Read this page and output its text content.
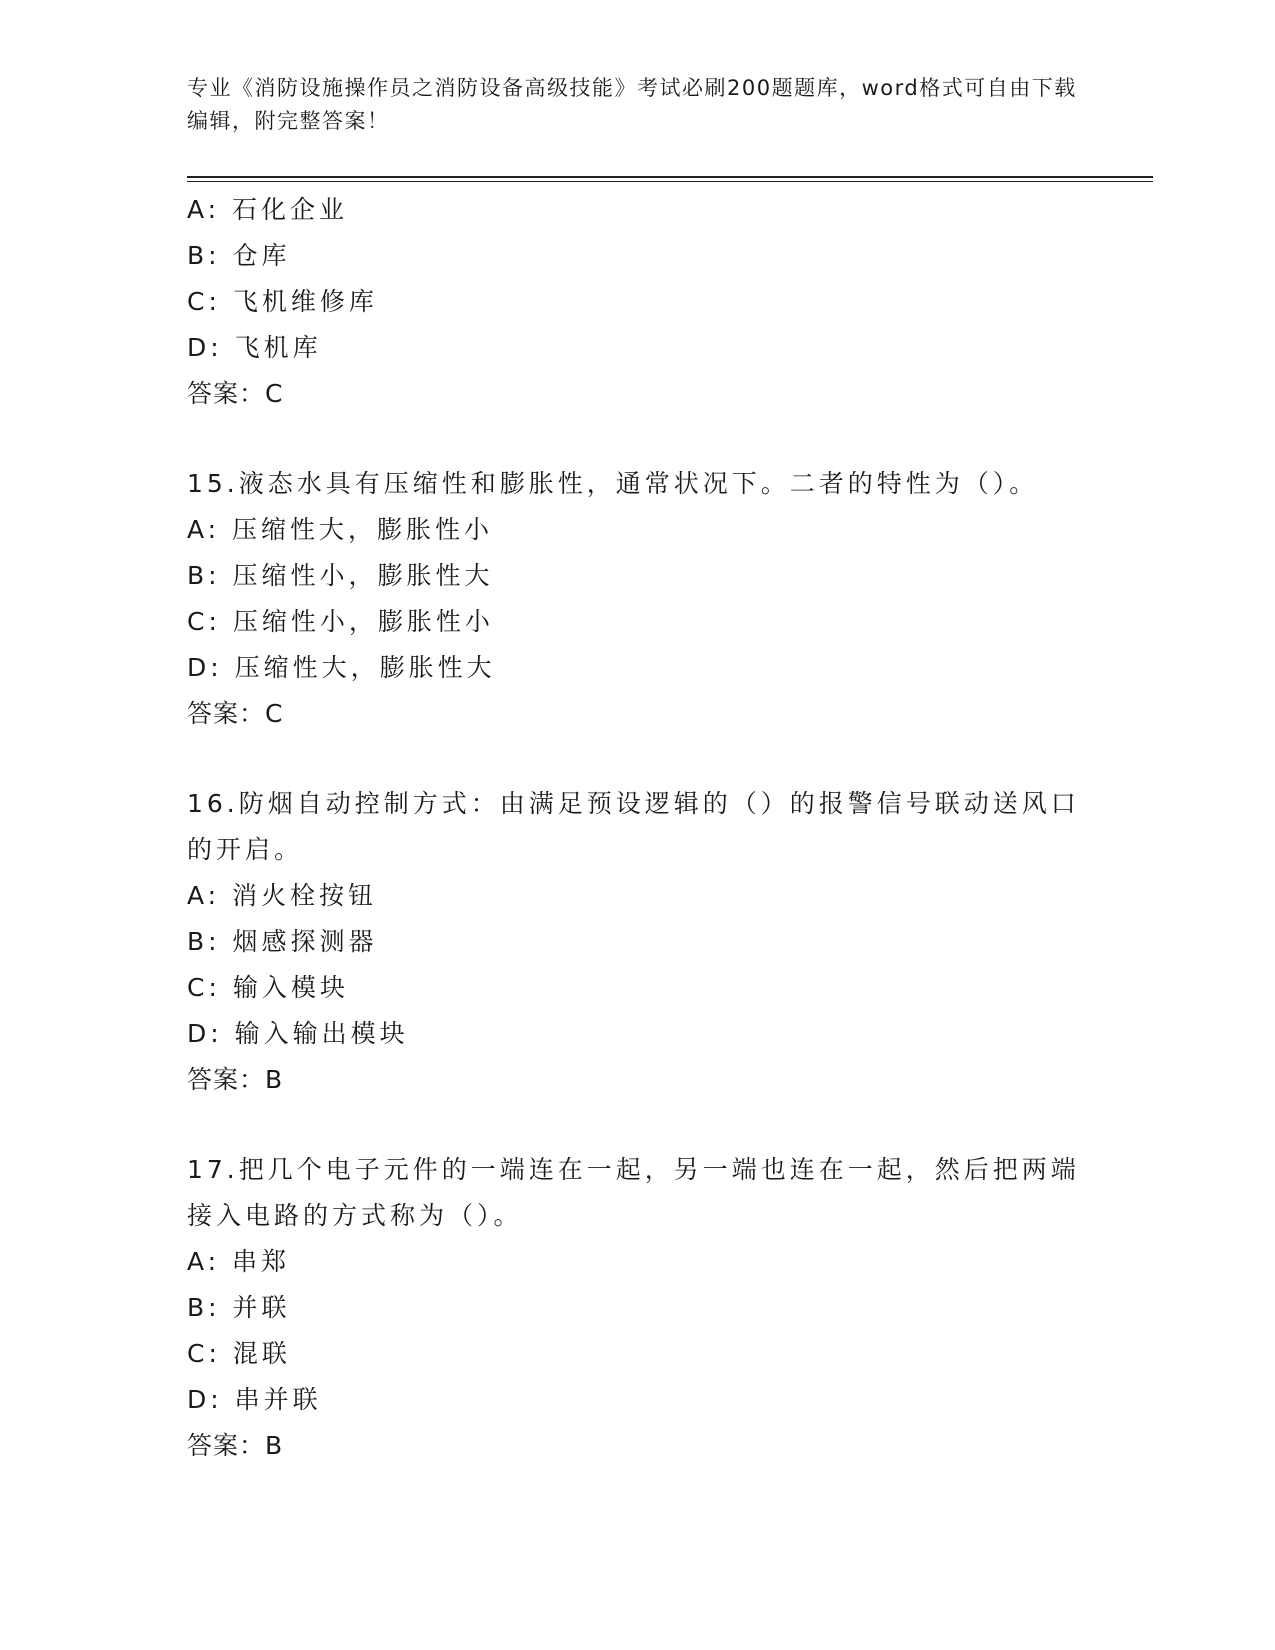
专业《消防设施操作员之消防设备高级技能》考试必刷200题题库，word格式可自由下载编辑，附完整答案！
A: 石化企业
B: 仓库
C: 飞机维修库
D: 飞机库
答案：C
15.液态水具有压缩性和膨胀性，通常状况下。二者的特性为（）。
A: 压缩性大，膨胀性小
B: 压缩性小，膨胀性大
C: 压缩性小，膨胀性小
D: 压缩性大，膨胀性大
答案：C
16.防烟自动控制方式：由满足预设逻辑的（）的报警信号联动送风口的开启。
A: 消火栓按钮
B: 烟感探测器
C: 输入模块
D: 输入输出模块
答案：B
17.把几个电子元件的一端连在一起，另一端也连在一起，然后把两端接入电路的方式称为（）。
A: 串郑
B: 并联
C: 混联
D: 串并联
答案：B
